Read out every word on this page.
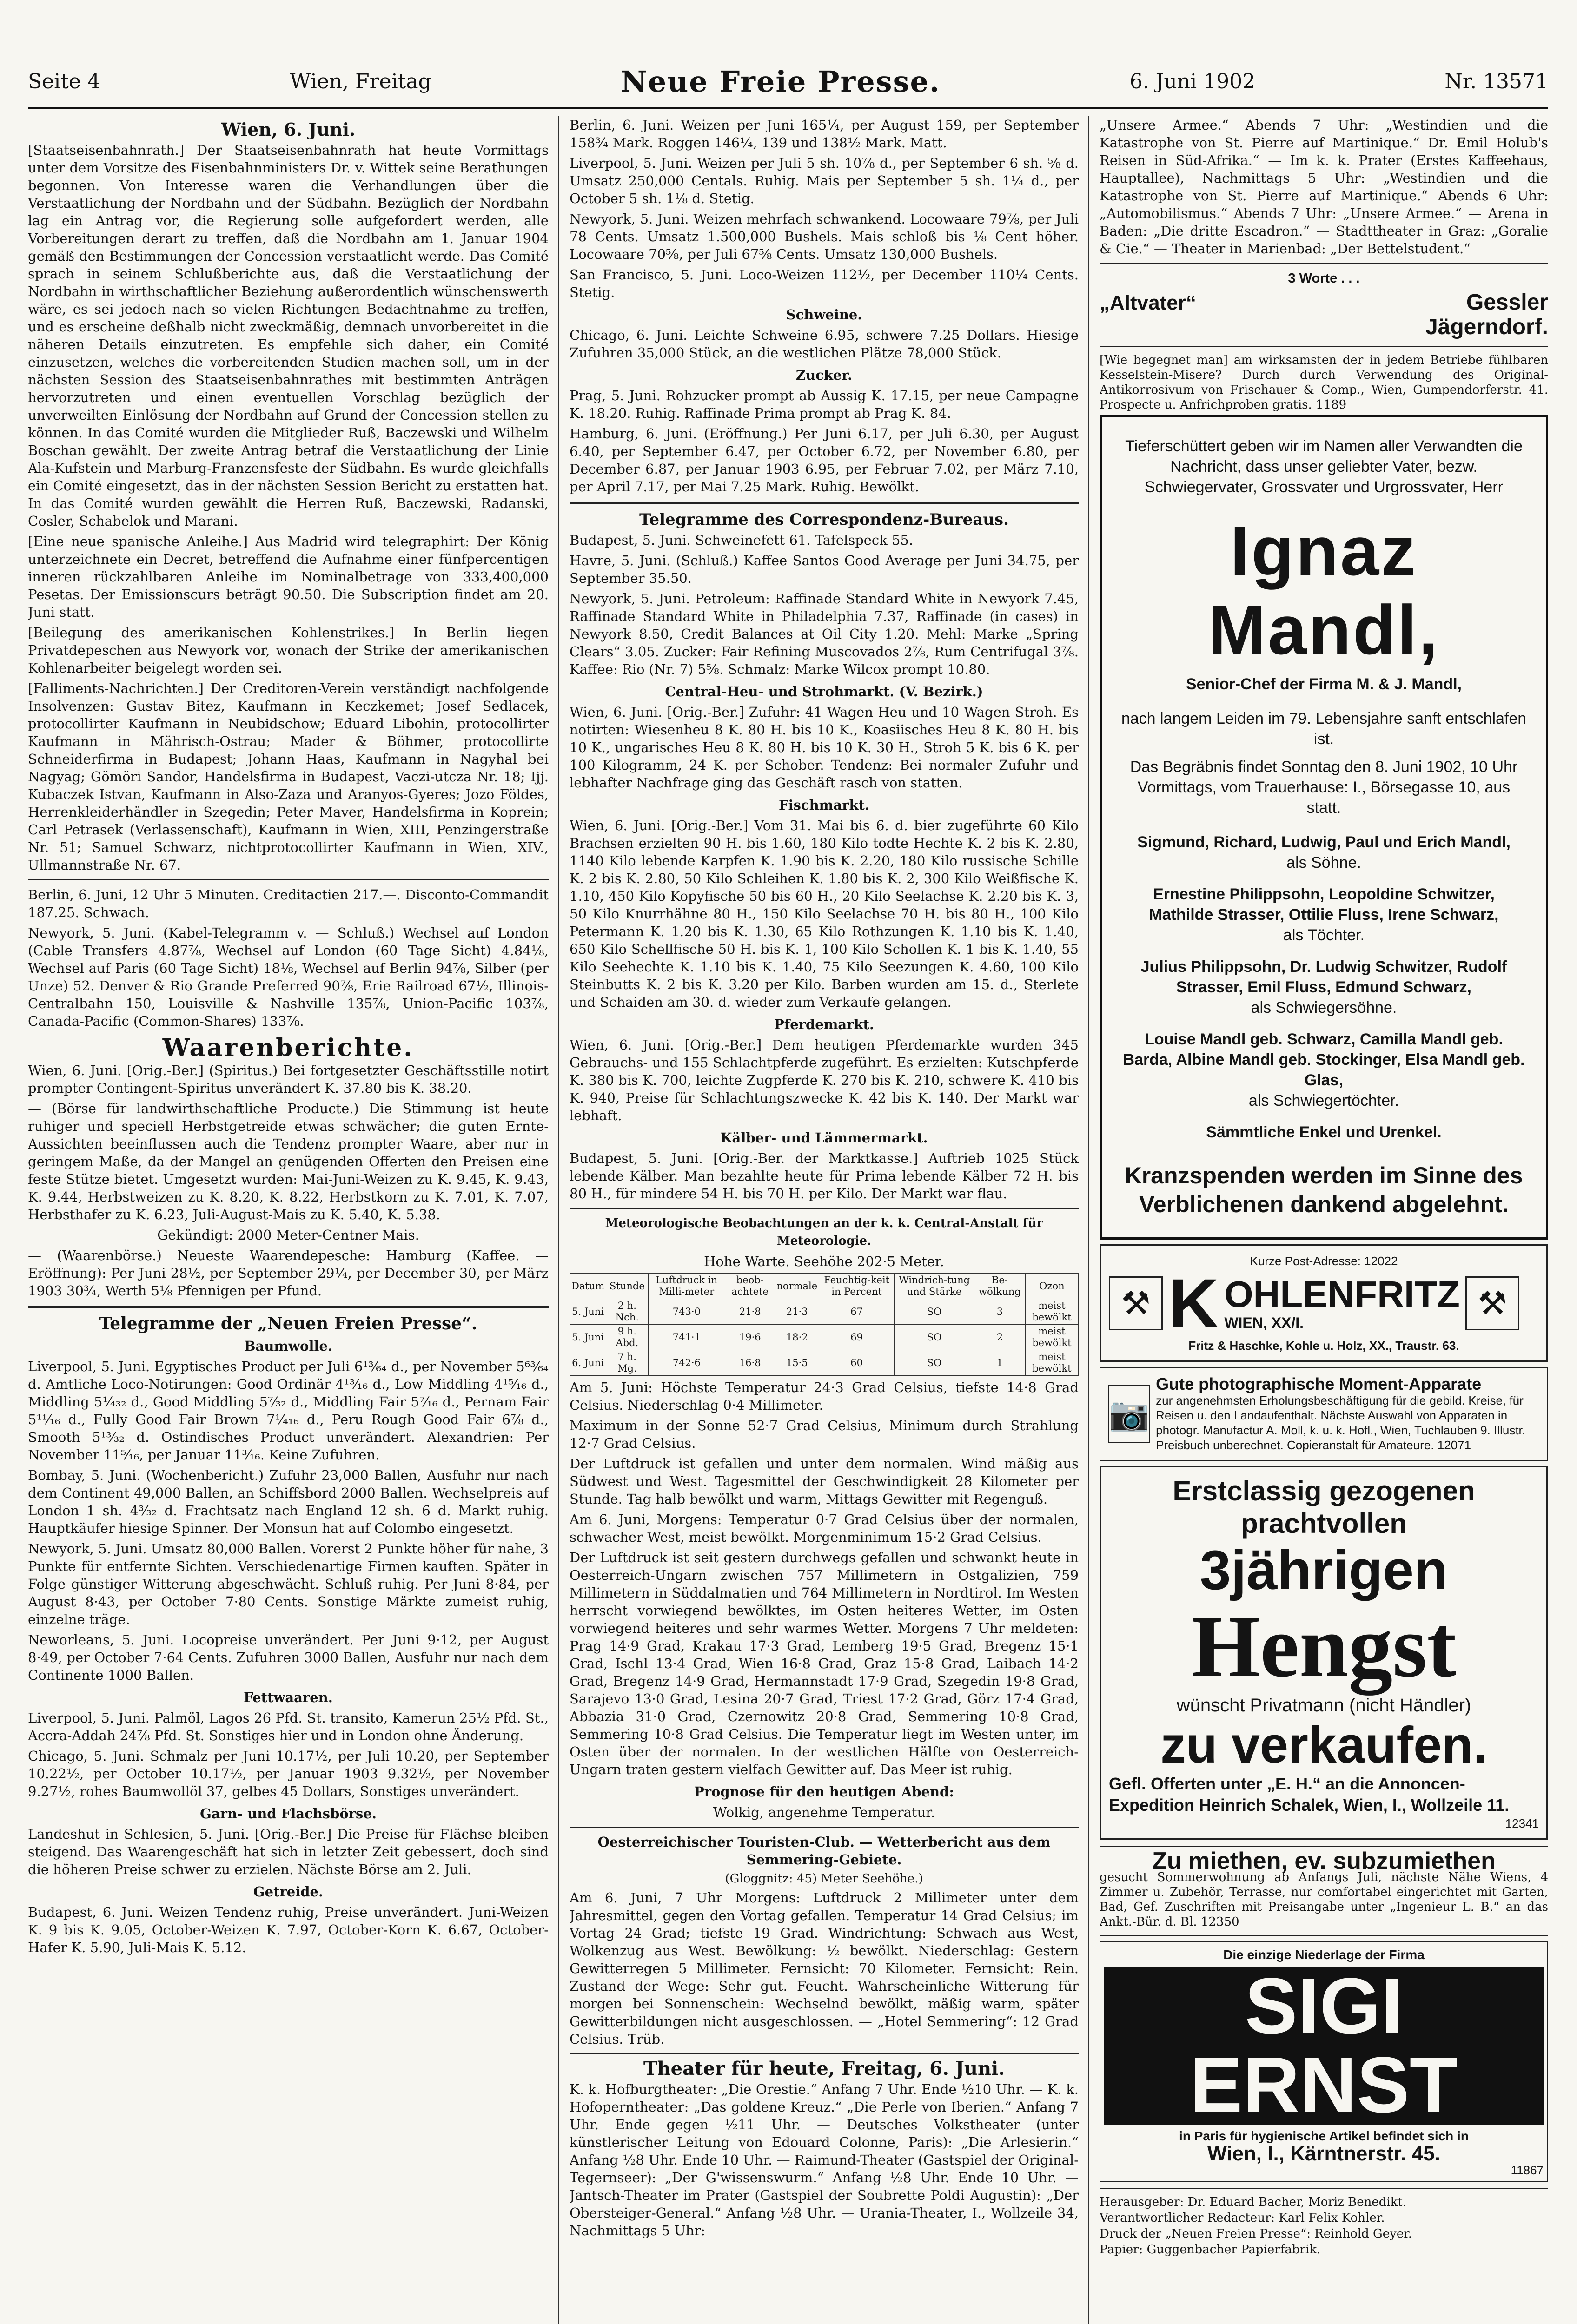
Seite 4	Wien, Freitag	Neue Freie Presse.	6. Juni 1902	Nr. 13571

Wien, 6. Juni.

[Staatseisenbahnrath.] Der Staatseisenbahnrath hat heute Vormittags unter dem Vorsitze des Eisenbahnministers Dr. v. Wittek seine Berathungen begonnen. Von Interesse waren die Verhandlungen über die Verstaatlichung der Nordbahn und der Südbahn. Bezüglich der Nordbahn lag ein Antrag vor, die Regierung solle aufgefordert werden, alle Vorbereitungen derart zu treffen, daß die Nordbahn am 1. Januar 1904 gemäß den Bestimmungen der Concession verstaatlicht werde. Das Comité sprach in seinem Schlußberichte aus, daß die Verstaatlichung der Nordbahn in wirthschaftlicher Beziehung außerordentlich wünschenswerth wäre, es sei jedoch nach so vielen Richtungen Bedachtnahme zu treffen, und es erscheine deßhalb nicht zweckmäßig, demnach unvorbereitet in die näheren Details einzutreten. Es empfehle sich daher, ein Comité einzusetzen, welches die vorbereitenden Studien machen soll, um in der nächsten Session des Staatseisenbahnrathes mit bestimmten Anträgen hervorzutreten und einen eventuellen Vorschlag bezüglich der unverweilten Einlösung der Nordbahn auf Grund der Concession stellen zu können. In das Comité wurden die Mitglieder Ruß, Baczewski und Wilhelm Boschan gewählt. Der zweite Antrag betraf die Verstaatlichung der Linie Ala-Kufstein und Marburg-Franzensfeste der Südbahn. Es wurde gleichfalls ein Comité eingesetzt, das in der nächsten Session Bericht zu erstatten hat. In das Comité wurden gewählt die Herren Ruß, Baczewski, Radanski, Cosler, Schabelok und Marani.

[Eine neue spanische Anleihe.] Aus Madrid wird telegraphirt: Der König unterzeichnete ein Decret, betreffend die Aufnahme einer fünfpercentigen inneren rückzahlbaren Anleihe im Nominalbetrage von 333,400,000 Pesetas. Der Emissionscurs beträgt 90.50. Die Subscription findet am 20. Juni statt.

[Beilegung des amerikanischen Kohlenstrikes.] In Berlin liegen Privatdepeschen aus Newyork vor, wonach der Strike der amerikanischen Kohlenarbeiter beigelegt worden sei.

[Falliments-Nachrichten.] Der Creditoren-Verein verständigt nachfolgende Insolvenzen: Gustav Bitez, Kaufmann in Keczkemet; Josef Sedlacek, protocollirter Kaufmann in Neubidschow; Eduard Libohin, protocollirter Kaufmann in Mährisch-Ostrau; Mader & Böhmer, protocollirte Schneiderfirma in Budapest; Johann Haas, Kaufmann in Nagyhal bei Nagyag; Gömöri Sandor, Handelsfirma in Budapest, Vaczi-utcza Nr. 18; Ijj. Kubaczek Istvan, Kaufmann in Also-Zaza und Aranyos-Gyeres; Jozo Földes, Herrenkleiderhändler in Szegedin; Peter Maver, Handelsfirma in Koprein; Carl Petrasek (Verlassenschaft), Kaufmann in Wien, XIII, Penzingerstraße Nr. 51; Samuel Schwarz, nichtprotocollirter Kaufmann in Wien, XIV., Ullmannstraße Nr. 67.

Berlin, 6. Juni, 12 Uhr 5 Minuten. Creditactien 217.—. Disconto-Commandit 187.25. Schwach.

Newyork, 5. Juni. (Kabel-Telegramm v. — Schluß.) Wechsel auf London (Cable Transfers 4.87⅞, Wechsel auf London (60 Tage Sicht) 4.84⅛, Wechsel auf Paris (60 Tage Sicht) 18⅛, Wechsel auf Berlin 94⅞, Silber (per Unze) 52. Denver & Rio Grande Preferred 90⅞, Erie Railroad 67½, Illinois-Centralbahn 150, Louisville & Nashville 135⅞, Union-Pacific 103⅞, Canada-Pacific (Common-Shares) 133⅞.

Waarenberichte.

Wien, 6. Juni. [Orig.-Ber.] (Spiritus.) Bei fortgesetzter Geschäftsstille notirt prompter Contingent-Spiritus unverändert K. 37.80 bis K. 38.20.

— (Börse für landwirthschaftliche Producte.) Die Stimmung ist heute ruhiger und speciell Herbstgetreide etwas schwächer; die guten Ernte-Aussichten beeinflussen auch die Tendenz prompter Waare, aber nur in geringem Maße, da der Mangel an genügenden Offerten den Preisen eine feste Stütze bietet. Umgesetzt wurden: Mai-Juni-Weizen zu K. 9.45, K. 9.43, K. 9.44, Herbstweizen zu K. 8.20, K. 8.22, Herbstkorn zu K. 7.01, K. 7.07, Herbsthafer zu K. 6.23, Juli-August-Mais zu K. 5.40, K. 5.38.

Gekündigt: 2000 Meter-Centner Mais.

— (Waarenbörse.) Neueste Waarendepesche: Hamburg (Kaffee. — Eröffnung): Per Juni 28½, per September 29¼, per December 30, per März 1903 30¾, Werth 5⅛ Pfennigen per Pfund.

Telegramme der „Neuen Freien Presse“.

Baumwolle.

Liverpool, 5. Juni. Egyptisches Product per Juli 6¹³⁄₆₄ d., per November 5⁶³⁄₆₄ d. Amtliche Loco-Notirungen: Good Ordinär 4¹³⁄₁₆ d., Low Middling 4¹⁵⁄₁₆ d., Middling 5¼₃₂ d., Good Middling 5⁷⁄₃₂ d., Middling Fair 5⁷⁄₁₆ d., Pernam Fair 5¹¹⁄₁₆ d., Fully Good Fair Brown 7¼₁₆ d., Peru Rough Good Fair 6⅞ d., Smooth 5¹³⁄₃₂ d. Ostindisches Product unverändert. Alexandrien: Per November 11⁵⁄₁₆, per Januar 11³⁄₁₆. Keine Zufuhren.

Bombay, 5. Juni. (Wochenbericht.) Zufuhr 23,000 Ballen, Ausfuhr nur nach dem Continent 49,000 Ballen, an Schiffsbord 2000 Ballen. Wechselpreis auf London 1 sh. 4³⁄₃₂ d. Frachtsatz nach England 12 sh. 6 d. Markt ruhig. Hauptkäufer hiesige Spinner. Der Monsun hat auf Colombo eingesetzt.

Newyork, 5. Juni. Umsatz 80,000 Ballen. Vorerst 2 Punkte höher für nahe, 3 Punkte für entfernte Sichten. Verschiedenartige Firmen kauften. Später in Folge günstiger Witterung abgeschwächt. Schluß ruhig. Per Juni 8·84, per August 8·43, per October 7·80 Cents. Sonstige Märkte zumeist ruhig, einzelne träge.

Neworleans, 5. Juni. Locopreise unverändert. Per Juni 9·12, per August 8·49, per October 7·64 Cents. Zufuhren 3000 Ballen, Ausfuhr nur nach dem Continente 1000 Ballen.

Fettwaaren.

Liverpool, 5. Juni. Palmöl, Lagos 26 Pfd. St. transito, Kamerun 25½ Pfd. St., Accra-Addah 24⅞ Pfd. St. Sonstiges hier und in London ohne Änderung.

Chicago, 5. Juni. Schmalz per Juni 10.17½, per Juli 10.20, per September 10.22½, per October 10.17½, per Januar 1903 9.32½, per November 9.27½, rohes Baumwollöl 37, gelbes 45 Dollars, Sonstiges unverändert.

Garn- und Flachsbörse.

Landeshut in Schlesien, 5. Juni. [Orig.-Ber.] Die Preise für Flächse bleiben steigend. Das Waarengeschäft hat sich in letzter Zeit gebessert, doch sind die höheren Preise schwer zu erzielen. Nächste Börse am 2. Juli.

Getreide.

Budapest, 6. Juni. Weizen Tendenz ruhig, Preise unverändert. Juni-Weizen K. 9 bis K. 9.05, October-Weizen K. 7.97, October-Korn K. 6.67, October-Hafer K. 5.90, Juli-Mais K. 5.12.

Berlin, 6. Juni. Weizen per Juni 165¼, per August 159, per September 158¾ Mark. Roggen 146¼, 139 und 138½ Mark. Matt.

Liverpool, 5. Juni. Weizen per Juli 5 sh. 10⅞ d., per September 6 sh. ⅝ d. Umsatz 250,000 Centals. Ruhig. Mais per September 5 sh. 1¼ d., per October 5 sh. 1⅛ d. Stetig.

Newyork, 5. Juni. Weizen mehrfach schwankend. Locowaare 79⅞, per Juli 78 Cents. Umsatz 1.500,000 Bushels. Mais schloß bis ⅛ Cent höher. Locowaare 70⅝, per Juli 67⅝ Cents. Umsatz 130,000 Bushels.

San Francisco, 5. Juni. Loco-Weizen 112½, per December 110¼ Cents. Stetig.

Schweine.

Chicago, 6. Juni. Leichte Schweine 6.95, schwere 7.25 Dollars. Hiesige Zufuhren 35,000 Stück, an die westlichen Plätze 78,000 Stück.

Zucker.

Prag, 5. Juni. Rohzucker prompt ab Aussig K. 17.15, per neue Campagne K. 18.20. Ruhig. Raffinade Prima prompt ab Prag K. 84.

Hamburg, 6. Juni. (Eröffnung.) Per Juni 6.17, per Juli 6.30, per August 6.40, per September 6.47, per October 6.72, per November 6.80, per December 6.87, per Januar 1903 6.95, per Februar 7.02, per März 7.10, per April 7.17, per Mai 7.25 Mark. Ruhig. Bewölkt.

Telegramme des Correspondenz-Bureaus.

Budapest, 5. Juni. Schweinefett 61. Tafelspeck 55.

Havre, 5. Juni. (Schluß.) Kaffee Santos Good Average per Juni 34.75, per September 35.50.

Newyork, 5. Juni. Petroleum: Raffinade Standard White in Newyork 7.45, Raffinade Standard White in Philadelphia 7.37, Raffinade (in cases) in Newyork 8.50, Credit Balances at Oil City 1.20. Mehl: Marke „Spring Clears“ 3.05. Zucker: Fair Refining Muscovados 2⅞, Rum Centrifugal 3⅞. Kaffee: Rio (Nr. 7) 5⅝. Schmalz: Marke Wilcox prompt 10.80.

Central-Heu- und Strohmarkt. (V. Bezirk.)

Wien, 6. Juni. [Orig.-Ber.] Zufuhr: 41 Wagen Heu und 10 Wagen Stroh. Es notirten: Wiesenheu 8 K. 80 H. bis 10 K., Koasiisches Heu 8 K. 80 H. bis 10 K., ungarisches Heu 8 K. 80 H. bis 10 K. 30 H., Stroh 5 K. bis 6 K. per 100 Kilogramm, 24 K. per Schober. Tendenz: Bei normaler Zufuhr und lebhafter Nachfrage ging das Geschäft rasch von statten.

Fischmarkt.

Wien, 6. Juni. [Orig.-Ber.] Vom 31. Mai bis 6. d. bier zugeführte 60 Kilo Brachsen erzielten 90 H. bis 1.60, 180 Kilo todte Hechte K. 2 bis K. 2.80, 1140 Kilo lebende Karpfen K. 1.90 bis K. 2.20, 180 Kilo russische Schille K. 2 bis K. 2.80, 50 Kilo Schleihen K. 1.80 bis K. 2, 300 Kilo Weißfische K. 1.10, 450 Kilo Kopyfische 50 bis 60 H., 20 Kilo Seelachse K. 2.20 bis K. 3, 50 Kilo Knurrhähne 80 H., 150 Kilo Seelachse 70 H. bis 80 H., 100 Kilo Petermann K. 1.20 bis K. 1.30, 65 Kilo Rothzungen K. 1.10 bis K. 1.40, 650 Kilo Schellfische 50 H. bis K. 1, 100 Kilo Schollen K. 1 bis K. 1.40, 55 Kilo Seehechte K. 1.10 bis K. 1.40, 75 Kilo Seezungen K. 4.60, 100 Kilo Steinbutts K. 2 bis K. 3.20 per Kilo. Barben wurden am 15. d., Sterlete und Schaiden am 30. d. wieder zum Verkaufe gelangen.

Pferdemarkt.

Wien, 6. Juni. [Orig.-Ber.] Dem heutigen Pferdemarkte wurden 345 Gebrauchs- und 155 Schlachtpferde zugeführt. Es erzielten: Kutschpferde K. 380 bis K. 700, leichte Zugpferde K. 270 bis K. 210, schwere K. 410 bis K. 940, Preise für Schlachtungszwecke K. 42 bis K. 140. Der Markt war lebhaft.

Kälber- und Lämmermarkt.

Budapest, 5. Juni. [Orig.-Ber. der Marktkasse.] Auftrieb 1025 Stück lebende Kälber. Man bezahlte heute für Prima lebende Kälber 72 H. bis 80 H., für mindere 54 H. bis 70 H. per Kilo. Der Markt war flau.

Meteorologische Beobachtungen an der k. k. Central-Anstalt für Meteorologie.

Hohe Warte. Seehöhe 202·5 Meter.

Datum	Stunde	Luftdruck in Milli-meter	beob-achtete	normale	Feuchtig-keit in Percent	Windrich-tung und Stärke	Be-wölkung	Ozon
5. Juni	2 h. Nch.	743·0	21·8	21·3	67	SO	3	meist bewölkt
5. Juni	9 h. Abd.	741·1	19·6	18·2	69	SO	2	meist bewölkt
6. Juni	7 h. Mg.	742·6	16·8	15·5	60	SO	1	meist bewölkt

Am 5. Juni: Höchste Temperatur 24·3 Grad Celsius, tiefste 14·8 Grad Celsius. Niederschlag 0·4 Millimeter.

Maximum in der Sonne 52·7 Grad Celsius, Minimum durch Strahlung 12·7 Grad Celsius.

Der Luftdruck ist gefallen und unter dem normalen. Wind mäßig aus Südwest und West. Tagesmittel der Geschwindigkeit 28 Kilometer per Stunde. Tag halb bewölkt und warm, Mittags Gewitter mit Regenguß.

Am 6. Juni, Morgens: Temperatur 0·7 Grad Celsius über der normalen, schwacher West, meist bewölkt. Morgenminimum 15·2 Grad Celsius.

Der Luftdruck ist seit gestern durchwegs gefallen und schwankt heute in Oesterreich-Ungarn zwischen 757 Millimetern in Ostgalizien, 759 Millimetern in Süddalmatien und 764 Millimetern in Nordtirol. Im Westen herrscht vorwiegend bewölktes, im Osten heiteres Wetter, im Osten vorwiegend heiteres und sehr warmes Wetter. Morgens 7 Uhr meldeten: Prag 14·9 Grad, Krakau 17·3 Grad, Lemberg 19·5 Grad, Bregenz 15·1 Grad, Ischl 13·4 Grad, Wien 16·8 Grad, Graz 15·8 Grad, Laibach 14·2 Grad, Bregenz 14·9 Grad, Hermannstadt 17·9 Grad, Szegedin 19·8 Grad, Sarajevo 13·0 Grad, Lesina 20·7 Grad, Triest 17·2 Grad, Görz 17·4 Grad, Abbazia 31·0 Grad, Czernowitz 20·8 Grad, Semmering 10·8 Grad, Semmering 10·8 Grad Celsius. Die Temperatur liegt im Westen unter, im Osten über der normalen. In der westlichen Hälfte von Oesterreich-Ungarn traten gestern vielfach Gewitter auf. Das Meer ist ruhig.

Prognose für den heutigen Abend:

Wolkig, angenehme Temperatur.

Oesterreichischer Touristen-Club. — Wetterbericht aus dem Semmering-Gebiete.

(Gloggnitz: 45) Meter Seehöhe.)

Am 6. Juni, 7 Uhr Morgens: Luftdruck 2 Millimeter unter dem Jahresmittel, gegen den Vortag gefallen. Temperatur 14 Grad Celsius; im Vortag 24 Grad; tiefste 19 Grad. Windrichtung: Schwach aus West, Wolkenzug aus West. Bewölkung: ½ bewölkt. Niederschlag: Gestern Gewitterregen 5 Millimeter. Fernsicht: 70 Kilometer. Fernsicht: Rein. Zustand der Wege: Sehr gut. Feucht. Wahrscheinliche Witterung für morgen bei Sonnenschein: Wechselnd bewölkt, mäßig warm, später Gewitterbildungen nicht ausgeschlossen. — „Hotel Semmering“: 12 Grad Celsius. Trüb.

Theater für heute, Freitag, 6. Juni.

K. k. Hofburgtheater: „Die Orestie.“ Anfang 7 Uhr. Ende ½10 Uhr. — K. k. Hofoperntheater: „Das goldene Kreuz.“ „Die Perle von Iberien.“ Anfang 7 Uhr. Ende gegen ½11 Uhr. — Deutsches Volkstheater (unter künstlerischer Leitung von Edouard Colonne, Paris): „Die Arlesierin.“ Anfang ½8 Uhr. Ende 10 Uhr. — Raimund-Theater (Gastspiel der Original-Tegernseer): „Der G'wissenswurm.“ Anfang ½8 Uhr. Ende 10 Uhr. — Jantsch-Theater im Prater (Gastspiel der Soubrette Poldi Augustin): „Der Obersteiger-General.“ Anfang ½8 Uhr. — Urania-Theater, I., Wollzeile 34, Nachmittags 5 Uhr:

„Unsere Armee.“ Abends 7 Uhr: „Westindien und die Katastrophe von St. Pierre auf Martinique.“ Dr. Emil Holub's Reisen in Süd-Afrika.“ — Im k. k. Prater (Erstes Kaffeehaus, Hauptallee), Nachmittags 5 Uhr: „Westindien und die Katastrophe von St. Pierre auf Martinique.“ Abends 6 Uhr: „Automobilismus.“ Abends 7 Uhr: „Unsere Armee.“ — Arena in Baden: „Die dritte Escadron.“ — Stadttheater in Graz: „Goralie & Cie.“ — Theater in Marienbad: „Der Bettelstudent.“

3 Worte . . .

„Altvater“	Gessler

Jägerndorf.

[Wie begegnet man] am wirksamsten der in jedem Betriebe fühlbaren Kesselstein-Misere? Durch durch Verwendung des Original-Antikorrosivum von Frischauer & Comp., Wien, Gumpendorferstr. 41. Prospecte u. Anfrichproben gratis. 1189

Tieferschüttert geben wir im Namen aller Verwandten die Nachricht, dass unser geliebter Vater, bezw. Schwiegervater, Grossvater und Urgrossvater, Herr
Ignaz Mandl,
Senior-Chef der Firma M. & J. Mandl,
nach langem Leiden im 79. Lebensjahre sanft entschlafen ist.
Das Begräbnis findet Sonntag den 8. Juni 1902, 10 Uhr Vormittags, vom Trauerhause: I., Börsegasse 10, aus statt.
Sigmund, Richard, Ludwig, Paul und Erich Mandl,
als Söhne.
Ernestine Philippsohn, Leopoldine Schwitzer, Mathilde Strasser, Ottilie Fluss, Irene Schwarz,
als Töchter.
Julius Philippsohn, Dr. Ludwig Schwitzer, Rudolf Strasser, Emil Fluss, Edmund Schwarz,
als Schwiegersöhne.
Louise Mandl geb. Schwarz, Camilla Mandl geb. Barda, Albine Mandl geb. Stockinger, Elsa Mandl geb. Glas,
als Schwiegertöchter.
Sämmtliche Enkel und Urenkel.
Kranzspenden werden im Sinne des Verblichenen dankend abgelehnt.
Kurze Post-Adresse: 12022
⚒ K OHLENFRITZ
WIEN, XX/I.
⚒
Fritz & Haschke, Kohle u. Holz, XX., Traustr. 63.
📷
Gute photographische Moment-Apparate
zur angenehmsten Erholungsbeschäftigung für die gebild. Kreise, für Reisen u. den Landaufenthalt. Nächste Auswahl von Apparaten in photogr. Manufactur A. Moll, k. u. k. Hofl., Wien, Tuchlauben 9. Illustr. Preisbuch unberechnet. Copieranstalt für Amateure. 12071
Erstclassig gezogenen prachtvollen
3jährigen
Hengst
wünscht Privatmann (nicht Händler)
zu verkaufen.
Gefl. Offerten unter „E. H.“ an die Annoncen-Expedition Heinrich Schalek, Wien, I., Wollzeile 11.
12341
Zu miethen, ev. subzumiethen

gesucht Sommerwohnung ab Anfangs Juli, nächste Nähe Wiens, 4 Zimmer u. Zubehör, Terrasse, nur comfortabel eingerichtet mit Garten, Bad, Gef. Zuschriften mit Preisangabe unter „Ingenieur L. B.“ an das Ankt.-Bür. d. Bl. 12350

Die einzige Niederlage der Firma
SIGI ERNST
in Paris für hygienische Artikel befindet sich in
Wien, I., Kärntnerstr. 45.
11867
Herausgeber: Dr. Eduard Bacher, Moriz Benedikt.
Verantwortlicher Redacteur: Karl Felix Kohler.
Druck der „Neuen Freien Presse“: Reinhold Geyer.
Papier: Guggenbacher Papierfabrik.
